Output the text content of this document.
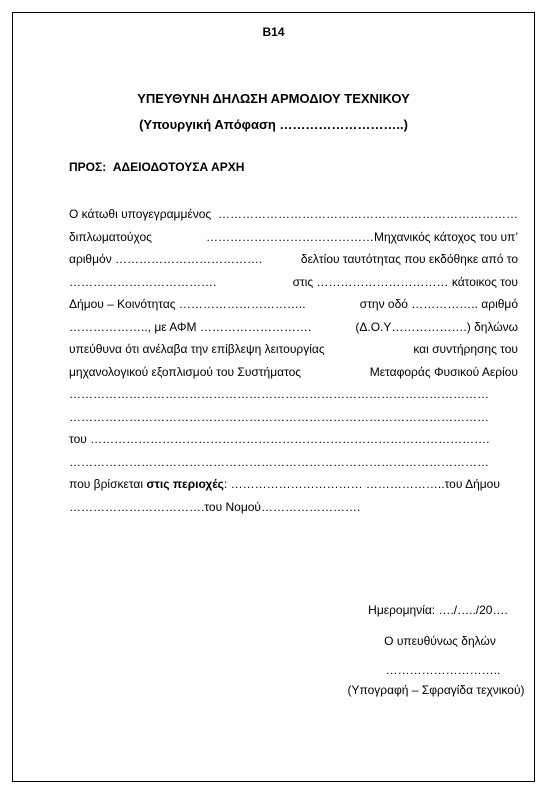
B14
ΥΠΕΥΘΥΝΗ ΔΗΛΩΣΗ ΑΡΜΟΔΙΟΥ ΤΕΧΝΙΚΟΥ
(Υπουργική Απόφαση ………………………..)
ΠΡΟΣ: ΑΔΕΙΟΔΟΤΟΥΣΑ ΑΡΧΗ
Ο κάτωθι υπογεγραμμένος …………………………………………………………………
διπλωματούχος	……………………………………Μηχανικός κάτοχος του υπ’
αριθμόν ……………………………….	δελτίου ταυτότητας που εκδόθηκε από το
……………………………….	στις …………………………… κάτοικος του
Δήμου – Κοινότητας …………………………..	στην οδό …………….. αριθμό
……………….., με ΑΦΜ ……………………….	(Δ.Ο.Υ……………….) δηλώνω
υπεύθυνα ότι ανέλαβα την επίβλεψη λειτουργίας	και συντήρησης του
μηχανολογικού εξοπλισμού του Συστήματος	Μεταφοράς Φυσικού Αερίου
……………………………………………………………………………………………
……………………………………………………………………………………………
του ……………………………………………………………………………………….
……………………………………………………………………………………………
που βρίσκεται στις περιοχές: …………………………… ………………..του Δήμου
…………………………….του Νομού…………………….
Ημερομηνία: …./…../20….
Ο υπευθύνως δηλών
………………………..
(Υπογραφή – Σφραγίδα τεχνικού)
